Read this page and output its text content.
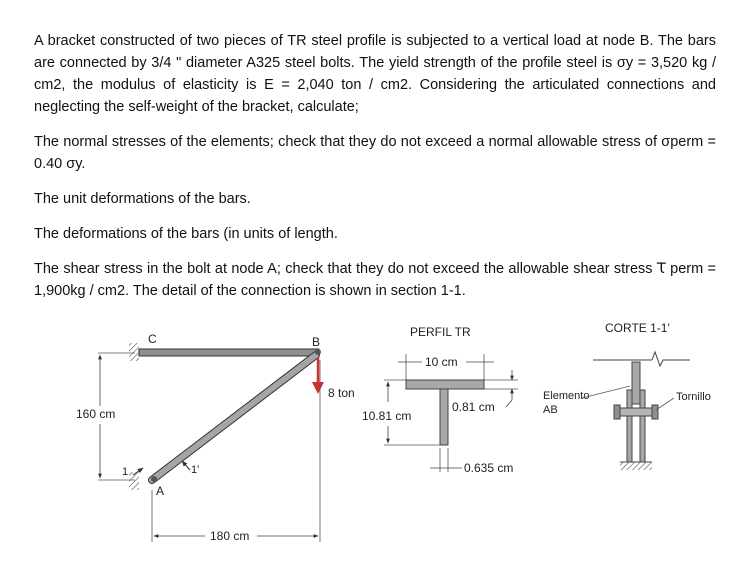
A bracket constructed of two pieces of TR steel profile is subjected to a vertical load at node B. The bars are connected by 3/4 " diameter A325 steel bolts. The yield strength of the profile steel is σy = 3,520 kg / cm2, the modulus of elasticity is E = 2,040 ton / cm2. Considering the articulated connections and neglecting the self-weight of the bracket, calculate;

The normal stresses of the elements; check that they do not exceed a normal allowable stress of σperm = 0.40 σy.

The unit deformations of the bars.

The deformations of the bars (in units of length.

The shear stress in the bolt at node A; check that they do not exceed the allowable shear stress Ꚍ perm = 1,900kg / cm2. The detail of the connection is shown in section 1-1.

C	B
A
1	1'
8 ton
160 cm
180 cm
PERFIL TR
10 cm
0.81 cm
10.81 cm
0.635 cm
CORTE 1-1'
Elemento
AB
Tornillo
